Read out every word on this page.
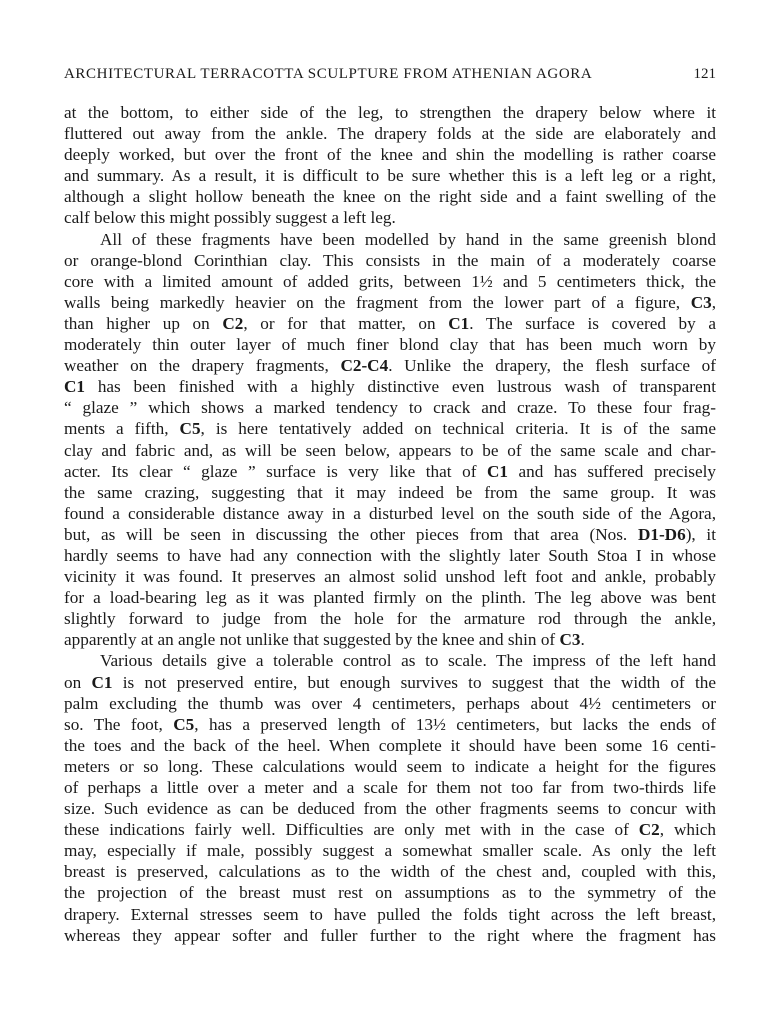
ARCHITECTURAL TERRACOTTA SCULPTURE FROM ATHENIAN AGORA	121
at the bottom, to either side of the leg, to strengthen the drapery below where it
fluttered out away from the ankle. The drapery folds at the side are elaborately and
deeply worked, but over the front of the knee and shin the modelling is rather coarse
and summary. As a result, it is difficult to be sure whether this is a left leg or a right,
although a slight hollow beneath the knee on the right side and a faint swelling of the
calf below this might possibly suggest a left leg.
All of these fragments have been modelled by hand in the same greenish blond
or orange-blond Corinthian clay. This consists in the main of a moderately coarse
core with a limited amount of added grits, between 1½ and 5 centimeters thick, the
walls being markedly heavier on the fragment from the lower part of a figure, C3,
than higher up on C2, or for that matter, on C1. The surface is covered by a
moderately thin outer layer of much finer blond clay that has been much worn by
weather on the drapery fragments, C2-C4. Unlike the drapery, the flesh surface of
C1 has been finished with a highly distinctive even lustrous wash of transparent
“ glaze ” which shows a marked tendency to crack and craze. To these four frag-
ments a fifth, C5, is here tentatively added on technical criteria. It is of the same
clay and fabric and, as will be seen below, appears to be of the same scale and char-
acter. Its clear “ glaze ” surface is very like that of C1 and has suffered precisely
the same crazing, suggesting that it may indeed be from the same group. It was
found a considerable distance away in a disturbed level on the south side of the Agora,
but, as will be seen in discussing the other pieces from that area (Nos. D1-D6), it
hardly seems to have had any connection with the slightly later South Stoa I in whose
vicinity it was found. It preserves an almost solid unshod left foot and ankle, probably
for a load-bearing leg as it was planted firmly on the plinth. The leg above was bent
slightly forward to judge from the hole for the armature rod through the ankle,
apparently at an angle not unlike that suggested by the knee and shin of C3.
Various details give a tolerable control as to scale. The impress of the left hand
on C1 is not preserved entire, but enough survives to suggest that the width of the
palm excluding the thumb was over 4 centimeters, perhaps about 4½ centimeters or
so. The foot, C5, has a preserved length of 13½ centimeters, but lacks the ends of
the toes and the back of the heel. When complete it should have been some 16 centi-
meters or so long. These calculations would seem to indicate a height for the figures
of perhaps a little over a meter and a scale for them not too far from two-thirds life
size. Such evidence as can be deduced from the other fragments seems to concur with
these indications fairly well. Difficulties are only met with in the case of C2, which
may, especially if male, possibly suggest a somewhat smaller scale. As only the left
breast is preserved, calculations as to the width of the chest and, coupled with this,
the projection of the breast must rest on assumptions as to the symmetry of the
drapery. External stresses seem to have pulled the folds tight across the left breast,
whereas they appear softer and fuller further to the right where the fragment has
